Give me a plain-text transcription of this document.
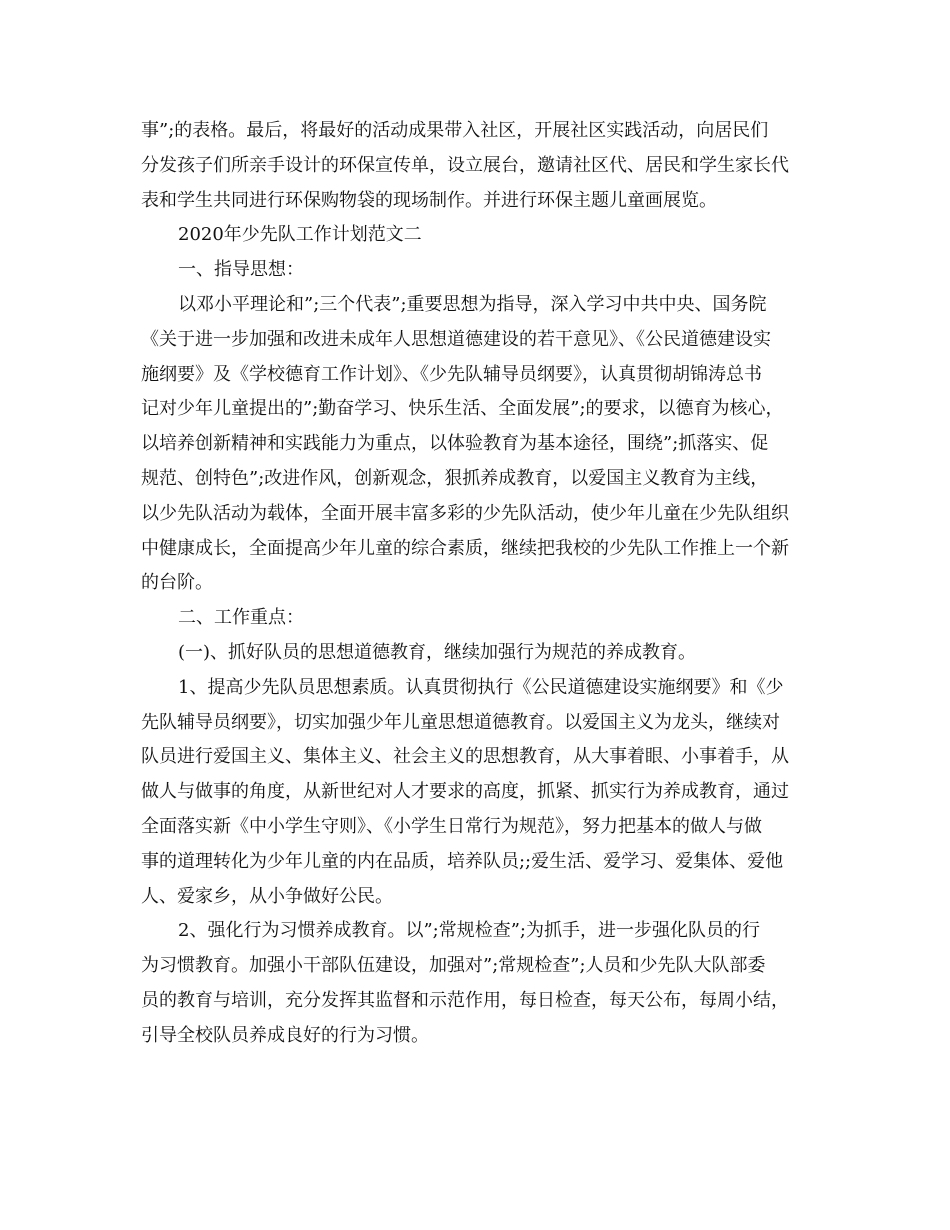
事”;的表格。最后，将最好的活动成果带入社区，开展社区实践活动，向居民们
分发孩子们所亲手设计的环保宣传单，设立展台，邀请社区代、居民和学生家长代
表和学生共同进行环保购物袋的现场制作。并进行环保主题儿童画展览。

2020年少先队工作计划范文二

一、指导思想：

以邓小平理论和”;三个代表”;重要思想为指导，深入学习中共中央、国务院
《关于进一步加强和改进未成年人思想道德建设的若干意见》、《公民道德建设实
施纲要》及《学校德育工作计划》、《少先队辅导员纲要》，认真贯彻胡锦涛总书
记对少年儿童提出的”;勤奋学习、快乐生活、全面发展”;的要求，以德育为核心，
以培养创新精神和实践能力为重点，以体验教育为基本途径，围绕”;抓落实、促
规范、创特色”;改进作风，创新观念，狠抓养成教育，以爱国主义教育为主线，
以少先队活动为载体，全面开展丰富多彩的少先队活动，使少年儿童在少先队组织
中健康成长，全面提高少年儿童的综合素质，继续把我校的少先队工作推上一个新
的台阶。

二、工作重点：

(一)、抓好队员的思想道德教育，继续加强行为规范的养成教育。

1、提高少先队员思想素质。认真贯彻执行《公民道德建设实施纲要》和《少
先队辅导员纲要》，切实加强少年儿童思想道德教育。以爱国主义为龙头，继续对
队员进行爱国主义、集体主义、社会主义的思想教育，从大事着眼、小事着手，从
做人与做事的角度，从新世纪对人才要求的高度，抓紧、抓实行为养成教育，通过
全面落实新《中小学生守则》、《小学生日常行为规范》，努力把基本的做人与做
事的道理转化为少年儿童的内在品质，培养队员;;爱生活、爱学习、爱集体、爱他
人、爱家乡，从小争做好公民。

2、强化行为习惯养成教育。以”;常规检查”;为抓手，进一步强化队员的行
为习惯教育。加强小干部队伍建设，加强对”;常规检查”;人员和少先队大队部委
员的教育与培训，充分发挥其监督和示范作用，每日检查，每天公布，每周小结，
引导全校队员养成良好的行为习惯。
